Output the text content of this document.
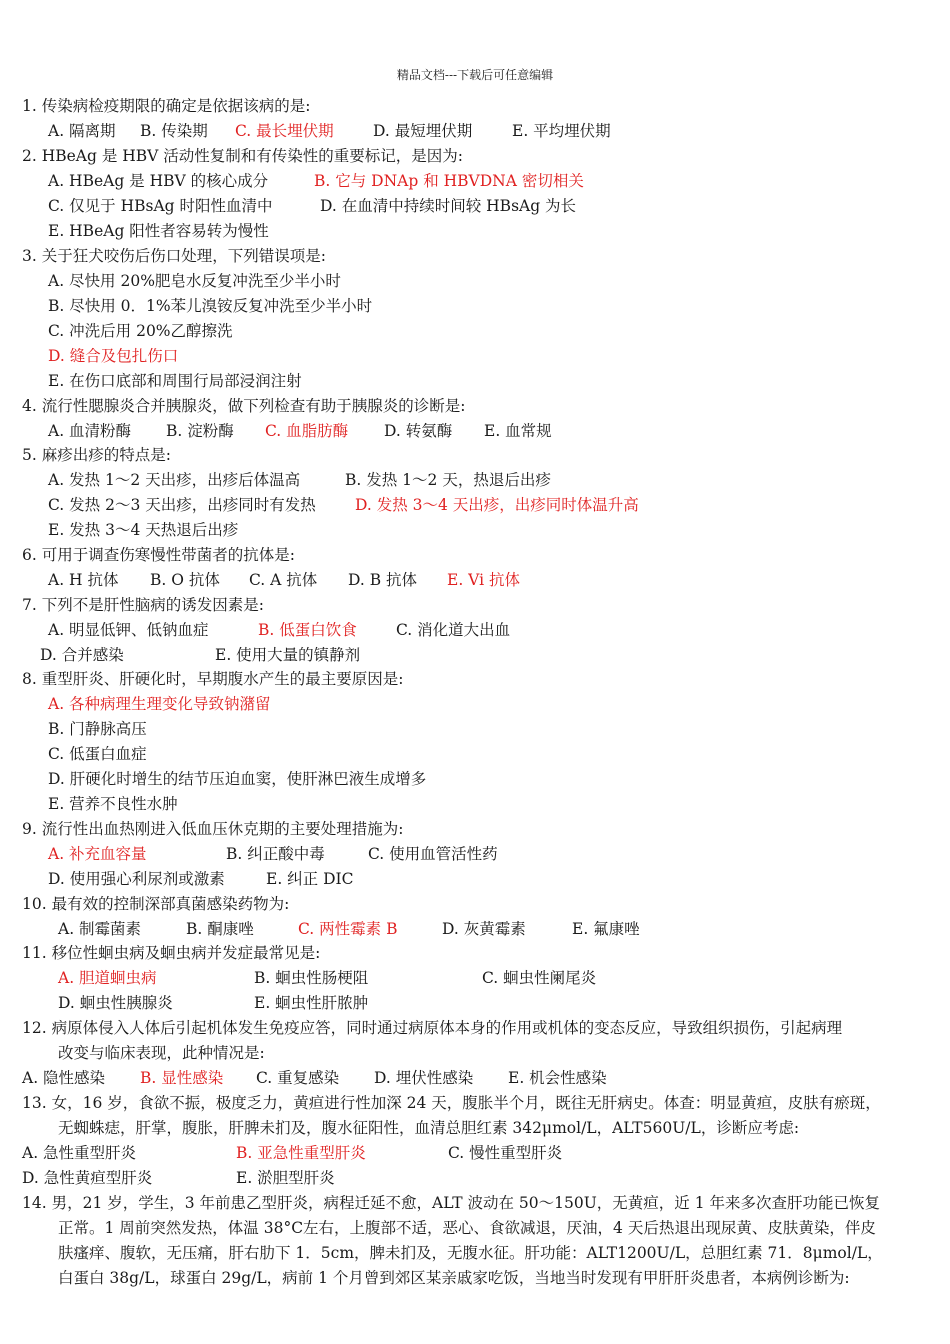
精品文档---下载后可任意编辑
1. 传染病检疫期限的确定是依据该病的是:
A. 隔离期 B. 传染期 C. 最长埋伏期	D. 最短埋伏期	E. 平均埋伏期
2. HBeAg 是 HBV 活动性复制和有传染性的重要标记，是因为:
A. HBeAg 是 HBV 的核心成分	B. 它与 DNAp 和 HBVDNA 密切相关
C. 仅见于 HBsAg 时阳性血清中	D. 在血清中持续时间较 HBsAg 为长
E. HBeAg 阳性者容易转为慢性
3. 关于狂犬咬伤后伤口处理，下列错误项是:
A. 尽快用 20%肥皂水反复冲洗至少半小时
B. 尽快用 0．1%苯儿溴铵反复冲洗至少半小时
C. 冲洗后用 20%乙醇擦洗
D. 缝合及包扎伤口
E. 在伤口底部和周围行局部浸润注射
4. 流行性腮腺炎合并胰腺炎，做下列检查有助于胰腺炎的诊断是:
A. 血清粉酶 B. 淀粉酶 C. 血脂肪酶 D. 转氨酶 E. 血常规
5. 麻疹出疹的特点是:
A. 发热 1～2 天出疹，出疹后体温高	B. 发热 1～2 天，热退后出疹
C. 发热 2～3 天出疹，出疹同时有发热	D. 发热 3～4 天出疹，出疹同时体温升高
E. 发热 3～4 天热退后出疹
6. 可用于调查伤寒慢性带菌者的抗体是:
A. H 抗体 B. O 抗体 C. A 抗体 D. B 抗体 E. Vi 抗体
7. 下列不是肝性脑病的诱发因素是:
A. 明显低钾、低钠血症	B. 低蛋白饮食	C. 消化道大出血
D. 合并感染	E. 使用大量的镇静剂
8. 重型肝炎、肝硬化时，早期腹水产生的最主要原因是:
A. 各种病理生理变化导致钠潴留
B. 门静脉高压
C. 低蛋白血症
D. 肝硬化时增生的结节压迫血窦，使肝淋巴液生成增多
E. 营养不良性水肿
9. 流行性出血热刚进入低血压休克期的主要处理措施为:
A. 补充血容量	B. 纠正酸中毒	C. 使用血管活性药
D. 使用强心利尿剂或激素	E. 纠正 DIC
10. 最有效的控制深部真菌感染药物为:
A. 制霉菌素	B. 酮康唑	C. 两性霉素 B	D. 灰黄霉素	E. 氟康唑
11. 移位性蛔虫病及蛔虫病并发症最常见是:
A. 胆道蛔虫病	B. 蛔虫性肠梗阻	C. 蛔虫性阑尾炎
D. 蛔虫性胰腺炎	E. 蛔虫性肝脓肿
12. 病原体侵入人体后引起机体发生免疫应答，同时通过病原体本身的作用或机体的变态反应，导致组织损伤，引起病理
改变与临床表现，此种情况是:
A. 隐性感染 B. 显性感染 C. 重复感染 D. 埋伏性感染 E. 机会性感染
13. 女，16 岁，食欲不振，极度乏力，黄疸进行性加深 24 天，腹胀半个月，既往无肝病史。体查：明显黄疸，皮肤有瘀斑，
无蜘蛛痣，肝掌，腹胀，肝脾未扪及，腹水征阳性，血清总胆红素 342μmol/L，ALT560U/L，诊断应考虑:
A. 急性重型肝炎	B. 亚急性重型肝炎	C. 慢性重型肝炎
D. 急性黄疸型肝炎	E. 淤胆型肝炎
14. 男，21 岁，学生，3 年前患乙型肝炎，病程迁延不愈，ALT 波动在 50～150U，无黄疸，近 1 年来多次查肝功能已恢复
正常。1 周前突然发热，体温 38°C左右，上腹部不适，恶心、食欲减退，厌油，4 天后热退出现尿黄、皮肤黄染，伴皮
肤瘙痒、腹软，无压痛，肝右肋下 1．5cm，脾未扪及，无腹水征。肝功能：ALT1200U/L，总胆红素 71．8μmol/L，
白蛋白 38g/L，球蛋白 29g/L，病前 1 个月曾到郊区某亲戚家吃饭，当地当时发现有甲肝肝炎患者，本病例诊断为:
